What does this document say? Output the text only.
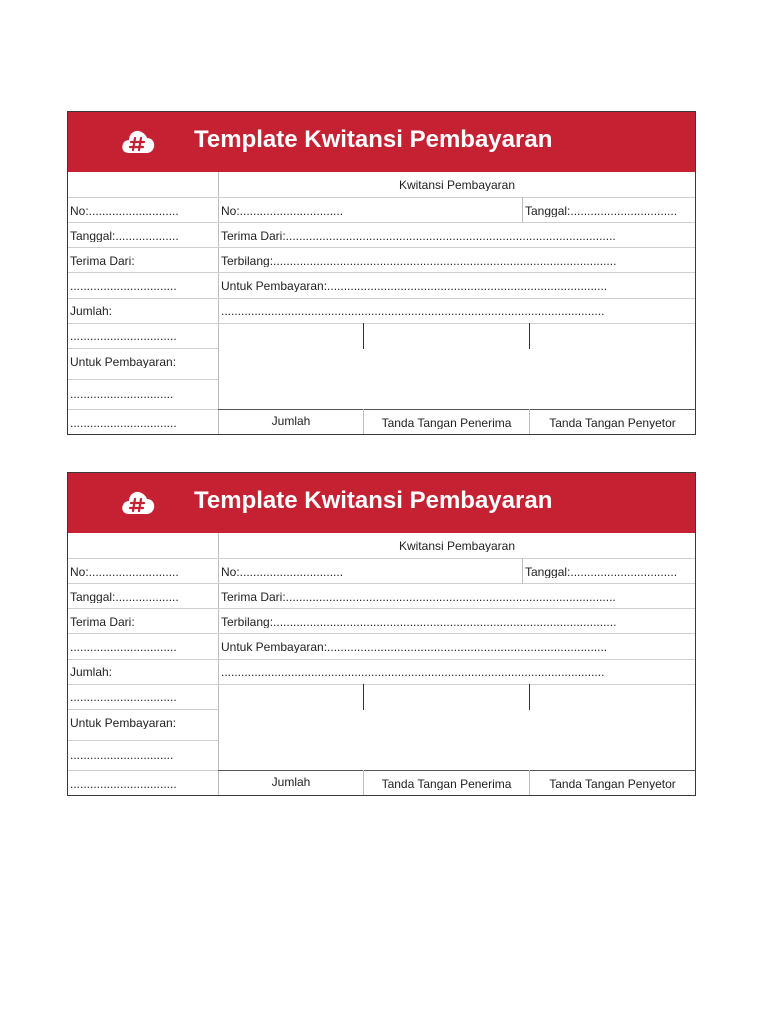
Template Kwitansi Pembayaran
No:...........................
Tanggal:...................
Terima Dari:
................................
Jumlah:
................................
Untuk Pembayaran:
...............................
................................
Kwitansi Pembayaran
No:...............................	Tanggal:................................
Terima Dari:...................................................................................................
Terbilang:.......................................................................................................
Untuk Pembayaran:....................................................................................
...................................................................................................................
Jumlah	Tanda Tangan Penerima	Tanda Tangan Penyetor
Template Kwitansi Pembayaran
No:...........................
Tanggal:...................
Terima Dari:
................................
Jumlah:
................................
Untuk Pembayaran:
...............................
................................
Kwitansi Pembayaran
No:...............................	Tanggal:................................
Terima Dari:...................................................................................................
Terbilang:.......................................................................................................
Untuk Pembayaran:....................................................................................
...................................................................................................................
Jumlah	Tanda Tangan Penerima	Tanda Tangan Penyetor
